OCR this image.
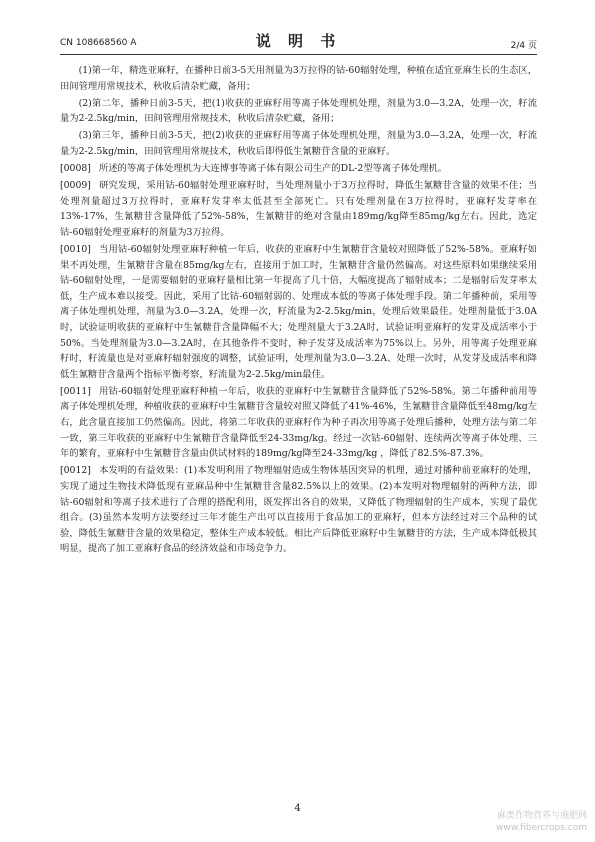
CN 108668560 A	说 明 书	2/4 页

(1)第一年，精选亚麻籽，在播种日前3-5天用剂量为3万拉得的钴-60辐射处理，种植在适宜亚麻生长的生态区，田间管理用常规技术，秋收后清杂贮藏，备用；

(2)第二年，播种日前3-5天，把(1)收获的亚麻籽用等离子体处理机处理，剂量为3.0—3.2A，处理一次，籽流量为2-2.5kg/min，田间管理用常规技术，秋收后清杂贮藏，备用；

(3)第三年，播种日前3-5天，把(2)收获的亚麻籽用等离子体处理机处理，剂量为3.0—3.2A，处理一次，籽流量为2-2.5kg/min，田间管理用常规技术，秋收后即得低生氰糖苷含量的亚麻籽。

[0008] 所述的等离子体处理机为大连博事等离子体有限公司生产的DL-2型等离子体处理机。

[0009] 研究发现，采用钴-60辐射处理亚麻籽时，当处理剂量小于3万拉得时，降低生氰糖苷含量的效果不佳；当处理剂量超过3万拉得时，亚麻籽发芽率太低甚至全部死亡。只有处理剂量在3万拉得时，亚麻籽发芽率在13%-17%，生氰糖苷含量降低了52%-58%，生氰糖苷的绝对含量由189mg/kg降至85mg/kg左右。因此，选定钴-60辐射处理亚麻籽的剂量为3万拉得。

[0010] 当用钴-60辐射处理亚麻籽种植一年后，收获的亚麻籽中生氰糖苷含量较对照降低了52%-58%。亚麻籽如果不再处理，生氰糖苷含量在85mg/kg左右，直接用于加工时，生氰糖苷含量仍然偏高。对这些原料如果继续采用钴-60辐射处理，一是需要辐射的亚麻籽量相比第一年提高了几十倍，大幅度提高了辐射成本；二是辐射后发芽率太低，生产成本难以接受。因此，采用了比钴-60辐射弱的、处理成本低的等离子体处理手段。第二年播种前，采用等离子体处理机处理，剂量为3.0—3.2A，处理一次，籽流量为2-2.5kg/min，处理后效果最佳。处理剂量低于3.0A时，试验证明收获的亚麻籽中生氰糖苷含量降幅不大；处理剂量大于3.2A时，试验证明亚麻籽的发芽及成活率小于50%。当处理剂量为3.0—3.2A时，在其他条件不变时，种子发芽及成活率为75%以上。另外，用等离子处理亚麻籽时，籽流量也是对亚麻籽辐射强度的调整，试验证明，处理剂量为3.0—3.2A、处理一次时，从发芽及成活率和降低生氰糖苷含量两个指标平衡考察，籽流量为2-2.5kg/min最佳。

[0011] 用钴-60辐射处理亚麻籽种植一年后，收获的亚麻籽中生氰糖苷含量降低了52%-58%。第二年播种前用等离子体处理机处理，种植收获的亚麻籽中生氰糖苷含量较对照又降低了41%-46%，生氰糖苷含量降低至48mg/kg左右，此含量直接加工仍然偏高。因此，将第二年收获的亚麻籽作为种子再次用等离子处理后播种，处理方法与第二年一致，第三年收获的亚麻籽中生氰糖苷含量降低至24-33mg/kg。经过一次钴-60辐射、连续两次等离子体处理、三年的繁育，亚麻籽中生氰糖苷含量由供试材料的189mg/kg降至24-33mg/kg ，降低了82.5%-87.3%。

[0012] 本发明的有益效果：(1)本发明利用了物理辐射造成生物体基因突异的机理，通过对播种前亚麻籽的处理，实现了通过生物技术降低现有亚麻品种中生氰糖苷含量82.5%以上的效果。(2)本发明对物理辐射的两种方法，即钴-60辐射和等离子技术进行了合理的搭配利用，既发挥出各自的效果，又降低了物理辐射的生产成本，实现了最优组合。(3)虽然本发明方法要经过三年才能生产出可以直接用于食品加工的亚麻籽，但本方法经过对三个品种的试验，降低生氰糖苷含量的效果稳定，整体生产成本较低。相比产后降低亚麻籽中生氰糖苷的方法，生产成本降低极其明显，提高了加工亚麻籽食品的经济效益和市场竞争力。

4
麻类作物营养与施肥网
www.fibercrops.com
